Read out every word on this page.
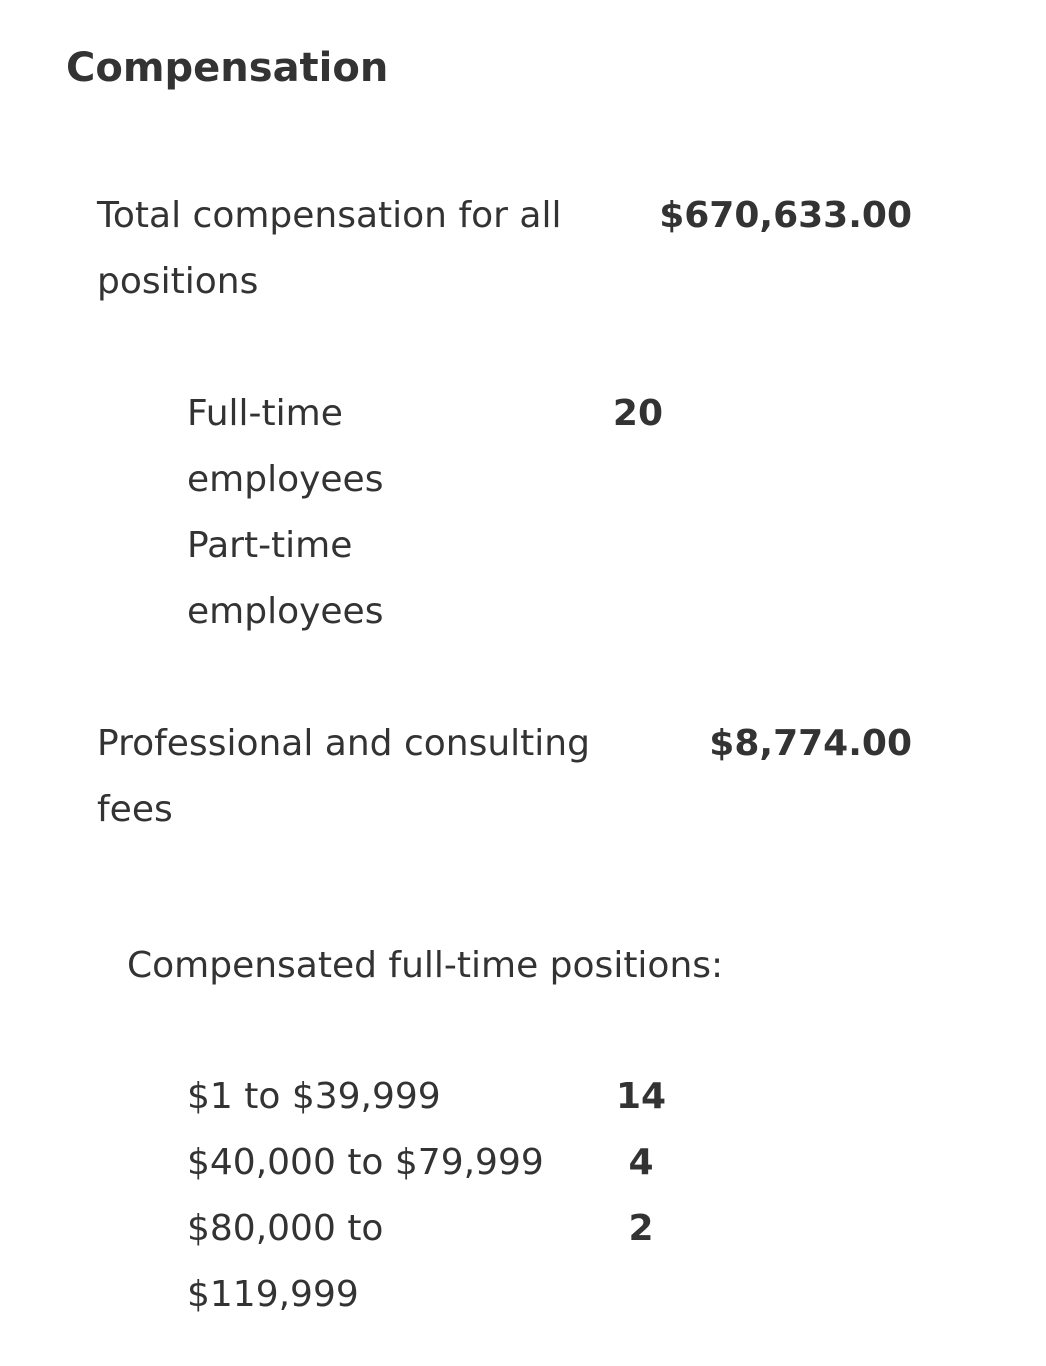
Compensation
Total compensation for all positions
$670,633.00
Full-time employees
20
Part-time employees
Professional and consulting fees
$8,774.00
Compensated full-time positions:
$1 to $39,999	14
$40,000 to $79,999	4
$80,000 to $119,999
2
